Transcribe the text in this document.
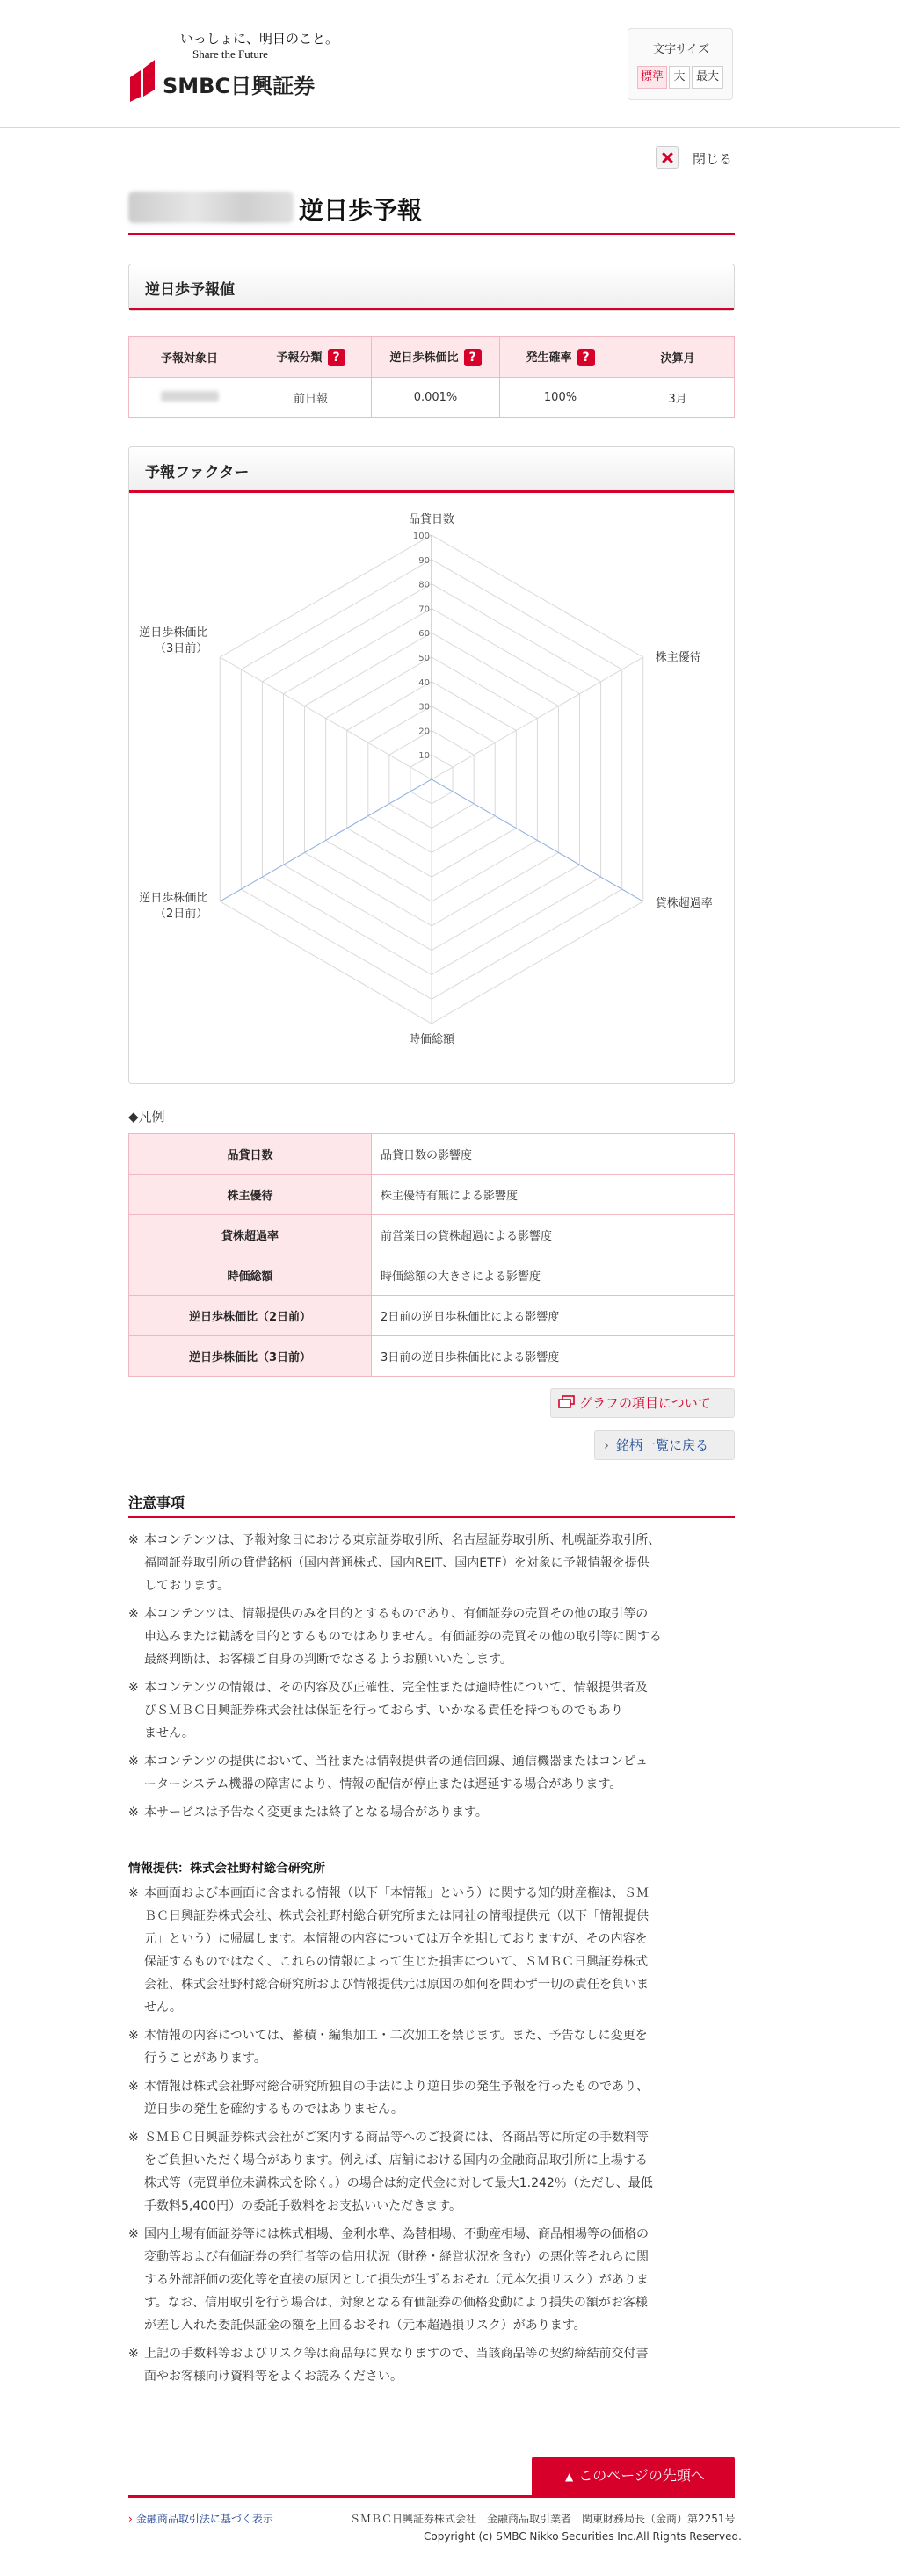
いっしょに、明日のこと。
Share the Future
SMBC日興証券
文字サイズ
標準 大 最大
閉じる
逆日歩予報
逆日歩予報値
予報対象日	予報分類 ?	逆日歩株価比 ?	発生確率 ?	決算月
	前日報	0.001%	100%	3月
予報ファクター
10
20
30
40
50
60
70
80
90
100
品貸日数
株主優待
貸株超過率
時価総額
逆日歩株価比（2日前）
逆日歩株価比（3日前）
◆凡例
品貸日数	品貸日数の影響度
株主優待	株主優待有無による影響度
貸株超過率	前営業日の貸株超過による影響度
時価総額	時価総額の大きさによる影響度
逆日歩株価比（2日前）	2日前の逆日歩株価比による影響度
逆日歩株価比（3日前）	3日前の逆日歩株価比による影響度
グラフの項目について
› 銘柄一覧に戻る
注意事項
※ 本コンテンツは、予報対象日における東京証券取引所、名古屋証券取引所、札幌証券取引所、
福岡証券取引所の貸借銘柄（国内普通株式、国内REIT、国内ETF）を対象に予報情報を提供
しております。
※ 本コンテンツは、情報提供のみを目的とするものであり、有価証券の売買その他の取引等の
申込みまたは勧誘を目的とするものではありません。有価証券の売買その他の取引等に関する
最終判断は、お客様ご自身の判断でなさるようお願いいたします。
※ 本コンテンツの情報は、その内容及び正確性、完全性または適時性について、情報提供者及
びＳＭＢＣ日興証券株式会社は保証を行っておらず、いかなる責任を持つものでもあり
ません。
※ 本コンテンツの提供において、当社または情報提供者の通信回線、通信機器またはコンピュ
ーターシステム機器の障害により、情報の配信が停止または遅延する場合があります。
※ 本サービスは予告なく変更または終了となる場合があります。
情報提供：株式会社野村総合研究所
※ 本画面および本画面に含まれる情報（以下「本情報」という）に関する知的財産権は、ＳＭ
ＢＣ日興証券株式会社、株式会社野村総合研究所または同社の情報提供元（以下「情報提供
元」という）に帰属します。本情報の内容については万全を期しておりますが、その内容を
保証するものではなく、これらの情報によって生じた損害について、ＳＭＢＣ日興証券株式
会社、株式会社野村総合研究所および情報提供元は原因の如何を問わず一切の責任を負いま
せん。
※ 本情報の内容については、蓄積・編集加工・二次加工を禁じます。また、予告なしに変更を
行うことがあります。
※ 本情報は株式会社野村総合研究所独自の手法により逆日歩の発生予報を行ったものであり、
逆日歩の発生を確約するものではありません。
※ ＳＭＢＣ日興証券株式会社がご案内する商品等へのご投資には、各商品等に所定の手数料等
をご負担いただく場合があります。例えば、店舗における国内の金融商品取引所に上場する
株式等（売買単位未満株式を除く。）の場合は約定代金に対して最大1.242％（ただし、最低
手数料5,400円）の委託手数料をお支払いいただきます。
※ 国内上場有価証券等には株式相場、金利水準、為替相場、不動産相場、商品相場等の価格の
変動等および有価証券の発行者等の信用状況（財務・経営状況を含む）の悪化等それらに関
する外部評価の変化等を直接の原因として損失が生ずるおそれ（元本欠損リスク）がありま
す。なお、信用取引を行う場合は、対象となる有価証券の価格変動により損失の額がお客様
が差し入れた委託保証金の額を上回るおそれ（元本超過損リスク）があります。
※ 上記の手数料等およびリスク等は商品毎に異なりますので、当該商品等の契約締結前交付書
面やお客様向け資料等をよくお読みください。
▲ このページの先頭へ
› 金融商品取引法に基づく表示	ＳＭＢＣ日興証券株式会社　金融商品取引業者　関東財務局長（金商）第2251号
Copyright (c) SMBC Nikko Securities Inc.All Rights Reserved.
